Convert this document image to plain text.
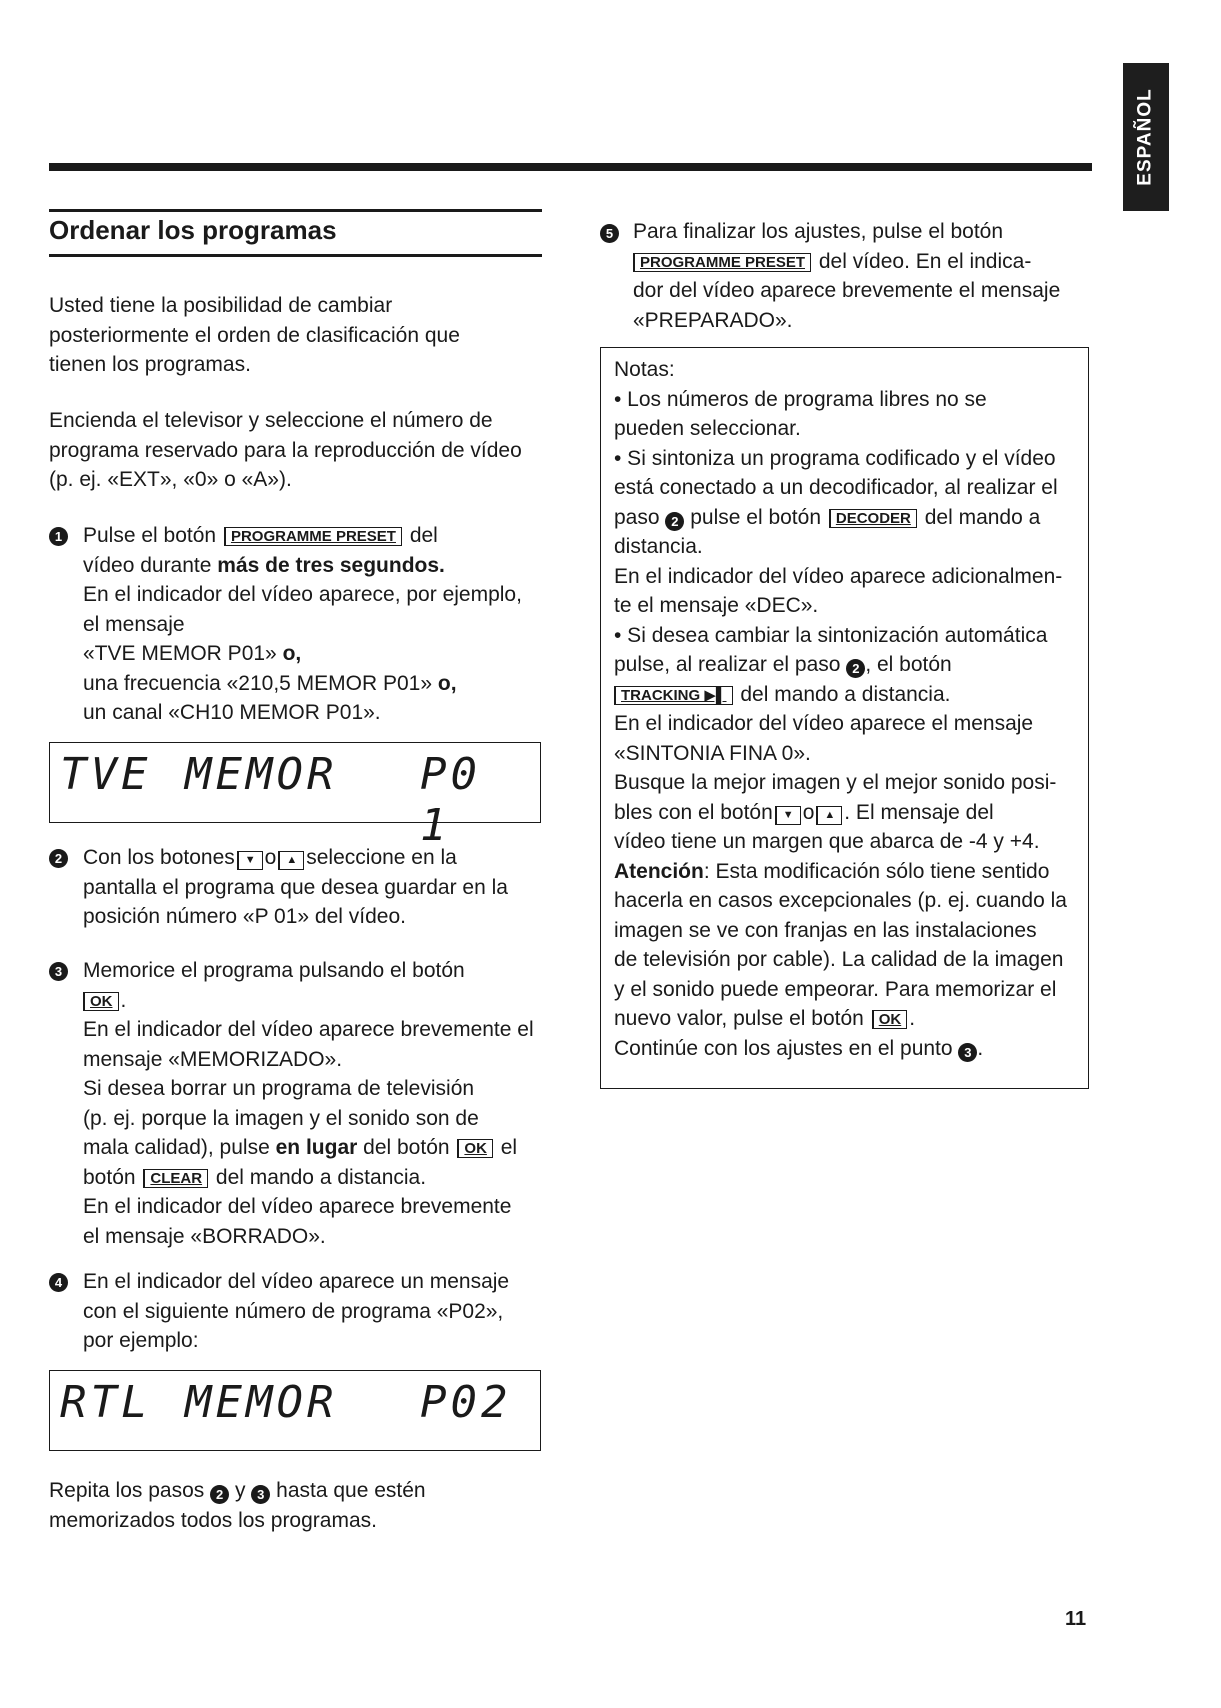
ESPAÑOL
Ordenar los programas
Usted tiene la posibilidad de cambiar
posteriormente el orden de clasificación que
tienen los programas.
Encienda el televisor y seleccione el número de
programa reservado para la reproducción de vídeo
(p. ej. «EXT», «0» o «A»).
1 Pulse el botón PROGRAMME PRESET del
vídeo durante más de tres segundos.
En el indicador del vídeo aparece, por ejemplo,
el mensaje
«TVE MEMOR P01» o,
una frecuencia «210,5 MEMOR P01» o,
un canal «CH10 MEMOR P01».
TVE MEMOR P0 1
2 Con los botones ▼ o ▲ seleccione en la
pantalla el programa que desea guardar en la
posición número «P 01» del vídeo.
3 Memorice el programa pulsando el botón
OK .
En el indicador del vídeo aparece brevemente el
mensaje «MEMORIZADO».
Si desea borrar un programa de televisión
(p. ej. porque la imagen y el sonido son de
mala calidad), pulse en lugar del botón OK el
botón CLEAR del mando a distancia.
En el indicador del vídeo aparece brevemente
el mensaje «BORRADO».
4 En el indicador del vídeo aparece un mensaje
con el siguiente número de programa «P02»,
por ejemplo:
RTL MEMOR P02
Repita los pasos 2 y 3 hasta que estén
memorizados todos los programas.
5 Para finalizar los ajustes, pulse el botón
PROGRAMME PRESET del vídeo. En el indica-
dor del vídeo aparece brevemente el mensaje
«PREPARADO».
Notas:
• Los números de programa libres no se
pueden seleccionar.
• Si sintoniza un programa codificado y el vídeo
está conectado a un decodificador, al realizar el
paso 2 pulse el botón DECODER del mando a
distancia.
En el indicador del vídeo aparece adicionalmen-
te el mensaje «DEC».
• Si desea cambiar la sintonización automática
pulse, al realizar el paso 2 , el botón
TRACKING ▶▌ del mando a distancia.
En el indicador del vídeo aparece el mensaje
«SINTONIA FINA 0».
Busque la mejor imagen y el mejor sonido posi-
bles con el botón ▼ o ▲ . El mensaje del
vídeo tiene un margen que abarca de -4 y +4.
Atención: Esta modificación sólo tiene sentido
hacerla en casos excepcionales (p. ej. cuando la
imagen se ve con franjas en las instalaciones
de televisión por cable). La calidad de la imagen
y el sonido puede empeorar. Para memorizar el
nuevo valor, pulse el botón OK .
Continúe con los ajustes en el punto 3 .
11
